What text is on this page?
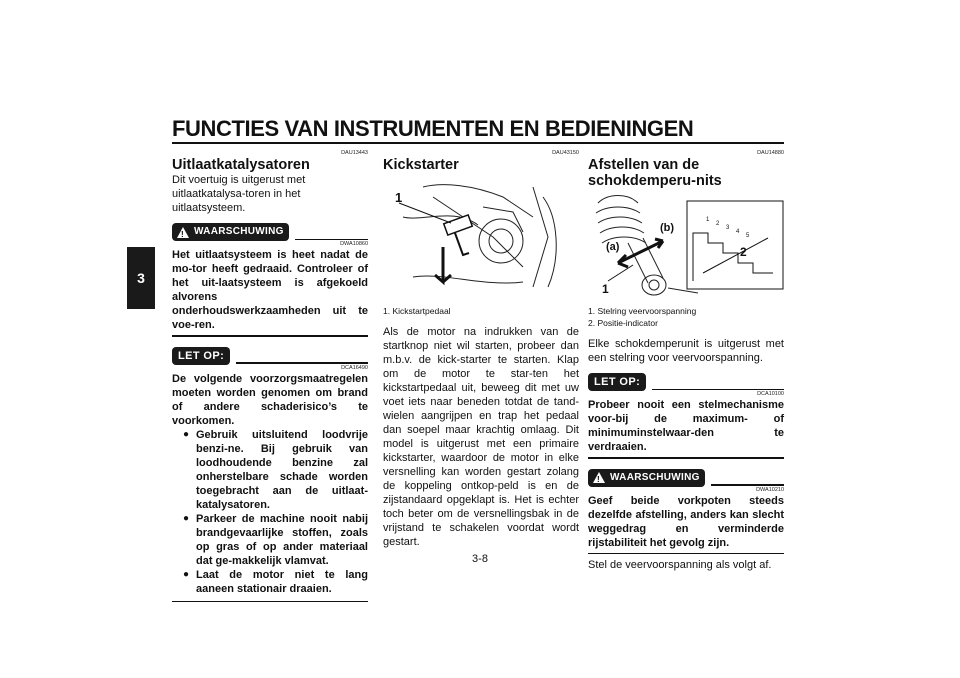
FUNCTIES VAN INSTRUMENTEN EN BEDIENINGEN
3
DAU13443
Uitlaatkatalysatoren

Dit voertuig is uitgerust met uitlaatkatalysa-toren in het uitlaatsysteem.

! WAARSCHUWING
DWA10860

Het uitlaatsysteem is heet nadat de mo-tor heeft gedraaid. Controleer of het uit-laatsysteem is afgekoeld alvorens onderhoudswerkzaamheden uit te voe-ren.

LET OP:
DCA16490

De volgende voorzorgsmaatregelen moeten worden genomen om brand of andere schaderisico’s te voorkomen.

● Gebruik uitsluitend loodvrije benzi-ne. Bij gebruik van loodhoudende benzine zal onherstelbare schade worden toegebracht aan de uitlaat-katalysatoren.
● Parkeer de machine nooit nabij brandgevaarlijke stoffen, zoals op gras of op ander materiaal dat ge-makkelijk vlamvat.
● Laat de motor niet te lang aaneen stationair draaien.
DAU43150
Kickstarter
1
1. Kickstartpedaal

Als de motor na indrukken van de startknop niet wil starten, probeer dan m.b.v. de kick-starter te starten. Klap om de motor te star-ten het kickstartpedaal uit, beweeg dit met uw voet iets naar beneden totdat de tand-wielen aangrijpen en trap het pedaal dan soepel maar krachtig omlaag. Dit model is uitgerust met een primaire kickstarter, waardoor de motor in elke versnelling kan worden gestart zolang de koppeling ontkop-peld is en de zijstandaard opgeklapt is. Het is echter toch beter om de versnellingsbak in de vrijstand te schakelen voordat wordt gestart.

DAU14880
Afstellen van de schokdemperu-nits
(a)
(b)
1
2
1
2
3
4
5
1. Stelring veervoorspanning
2. Positie-indicator

Elke schokdemperunit is uitgerust met een stelring voor veervoorspanning.

LET OP:
DCA10100

Probeer nooit een stelmechanisme voor-bij de maximum- of minimuminstelwaar-den te verdraaien.

! WAARSCHUWING
DWA10210

Geef beide vorkpoten steeds dezelfde afstelling, anders kan slecht weggedrag en verminderde rijstabiliteit het gevolg zijn.

Stel de veervoorspanning als volgt af.

3-8
